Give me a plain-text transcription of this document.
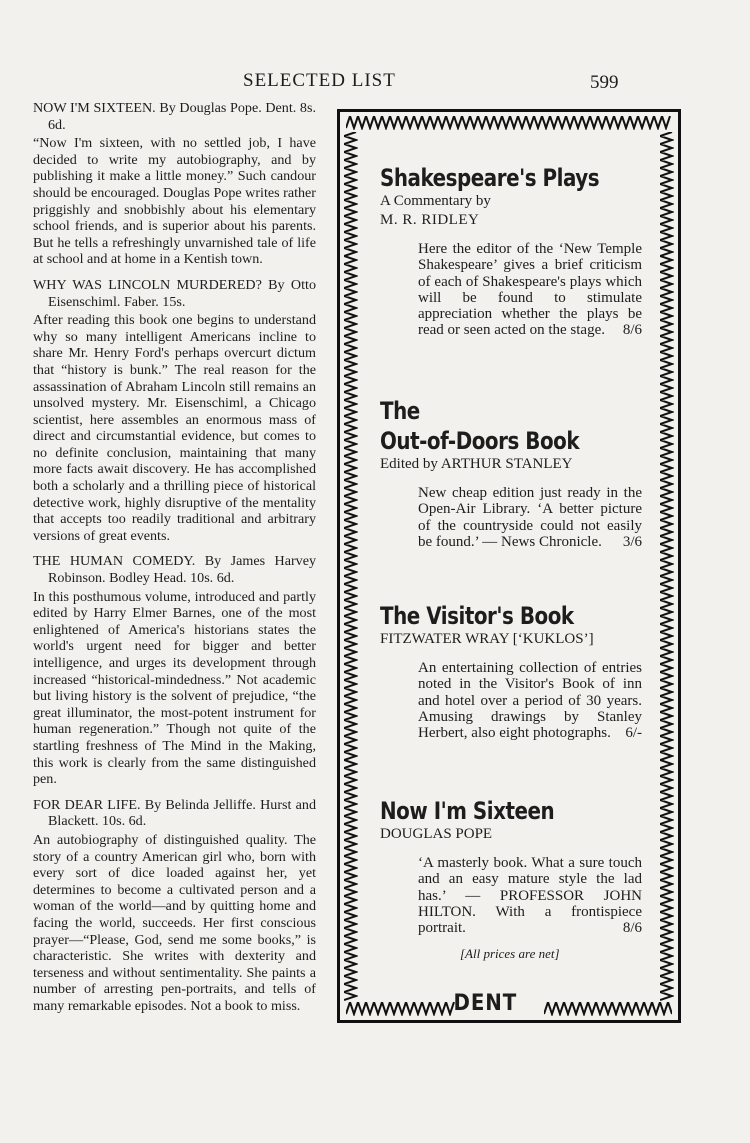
SELECTED LIST	599

NOW I'M SIXTEEN. By Douglas Pope. Dent. 8s. 6d.

“Now I'm sixteen, with no settled job, I have decided to write my autobiography, and by publishing it make a little money.” Such candour should be encouraged. Douglas Pope writes rather priggishly and snobbishly about his elementary school friends, and is superior about his parents. But he tells a refreshingly unvarnished tale of life at school and at home in a Kentish town.

WHY WAS LINCOLN MURDERED? By Otto Eisenschiml. Faber. 15s.

After reading this book one begins to understand why so many intelligent Americans incline to share Mr. Henry Ford's perhaps overcurt dictum that “history is bunk.” The real reason for the assassination of Abraham Lincoln still remains an unsolved mystery. Mr. Eisenschiml, a Chicago scientist, here assembles an enormous mass of direct and circumstantial evidence, but comes to no definite conclusion, maintaining that many more facts await discovery. He has accomplished both a scholarly and a thrilling piece of historical detective work, highly disruptive of the mentality that accepts too readily traditional and arbitrary versions of great events.

THE HUMAN COMEDY. By James Harvey Robinson. Bodley Head. 10s. 6d.

In this posthumous volume, introduced and partly edited by Harry Elmer Barnes, one of the most enlightened of America's historians states the world's urgent need for bigger and better intelligence, and urges its development through increased “historical-mindedness.” Not academic but living history is the solvent of prejudice, “the great illuminator, the most-potent instrument for human regeneration.” Though not quite of the startling freshness of The Mind in the Making, this work is clearly from the same distinguished pen.

FOR DEAR LIFE. By Belinda Jelliffe. Hurst and Blackett. 10s. 6d.

An autobiography of distinguished quality. The story of a country American girl who, born with every sort of dice loaded against her, yet determines to become a cultivated person and a woman of the world—and by quitting home and facing the world, succeeds. Her first conscious prayer—“Please, God, send me some books,” is characteristic. She writes with dexterity and terseness and without sentimentality. She paints a number of arresting pen-portraits, and tells of many remarkable episodes. Not a book to miss.

Shakespeare's Plays
A Commentary by
M. R. RIDLEY
Here the editor of the ‘New Temple Shakespeare’ gives a brief criticism of each of Shakespeare's plays which will be found to stimulate appreciation whether the plays be read or seen acted on the stage. 8/6
The
Out-of-Doors Book
Edited by ARTHUR STANLEY
New cheap edition just ready in the Open-Air Library. ‘A better picture of the countryside could not easily be found.’ — News Chronicle. 3/6
The Visitor's Book
FITZWATER WRAY [‘KUKLOS’]
An entertaining collection of entries noted in the Visitor's Book of inn and hotel over a period of 30 years. Amusing drawings by Stanley Herbert, also eight photographs. 6/-
Now I'm Sixteen
DOUGLAS POPE
‘A masterly book. What a sure touch and an easy mature style the lad has.’ — PROFESSOR JOHN HILTON. With a frontispiece portrait.	8/6
[All prices are net]
DENT
